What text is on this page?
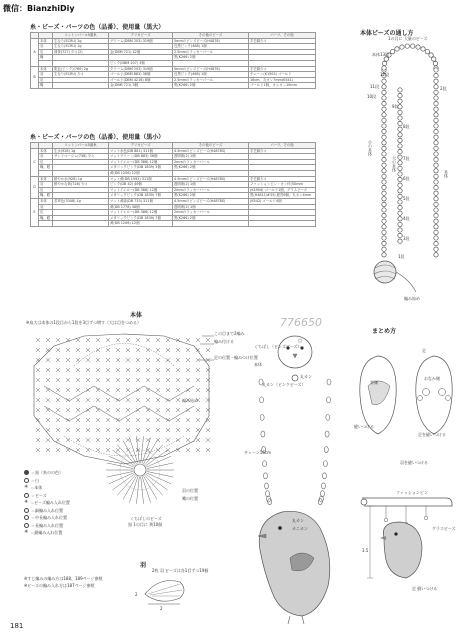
微信：BianzhiDiy
糸・ビーズ・パーツの色（品番）、使用量（黒大）
		コットンパール5番糸	デリカビーズ	その他のビーズ	パーツ、その他
A	本体	生なり(ECRU) 2g	グリーム(DBM 203) 319個	5mmのビンズビーズ(H4878)	手芸綿少々
	羽	生なり(ECRU) 1g		近黒ピンク(468) 1個	
	足	薄茶(727) 少々(2)	金(DBM 721) 42個	2.5mmのラッカーパール	
	嘴			黒(K266) 2個	
			ピンク(DBM 207) 3個		
B	本体	肌色(ピンク)(760) 2g	クリーム(DBM 203) 319個	5mmのビンズビーズ(H4878)	手芸綿少々
	羽	生なり(ECRU) 少々	ゴールド(DBM 883) 38個	近黒ピンク(468) 1個	チェーン(K1503) ゴールド
	足		ゴールド(DBM 4216) 8個	2.5mmのラッカーパール	16cm、丸カン7mm(K541)
	嘴		金(DBM 721) 3個	黒(K266) 2個	ゴールド1個、カニカン10mm
糸・ビーズ・パーツの色（品番）、使用量（黒小）
		コットンパール5番糸	デリカビーズ	その他のビーズ	パーツ、その他
C	本体	生水(928) 1g	マット水色(DB 881) 311個	4.5mmのビンズビーズ(H4878S)	手芸綿少々
	羽	サンドベージュ(738) 少々	マットグリーン(DB 883) 38個	透明黄(2) 1個	
	足		マットイエロー(DB 386) 12個	2mmのラッカーパール	
	嘴、眼		メタリックピンク(DB 1839) 3個	黒(K266) 2個	
			黄(DB 1206) 12個		
D	本体	鮮やか水(928) 1g	マット黄(DB 1592) 311個	4.5mmのビンズビーズ(H4878S)	手芸綿少々
	羽	鮮やかな黄(726) 少々	ピンク(DB 42) 46個	透明黄(2) 1個	ファッションピン・カン付(50mm
	足		マットイエロー(DB 386) 12個	2mmのラッカーパール	(K4904) ゴールド1個、グラスビーズ
	嘴、眼		メタリックピンク(DB 1839) 7個	黒(K266) 2個	黒(H4811/#33) 経営6個、丸カン4mm
E	本体	若草色(3348) 1g	マット黄緑(DB 733) 311個	4.5mmのビンズビーズ(H4878S)	(K542) ゴールド4個
	羽		黄(DB 1776) 38個	透明黄(2) 1個	
	足		マットイエロー(DB 386) 12個	2mmのラッカーパール	
	嘴、眼		メタリックピンク(DB 1839) 7個	黒(K266) 2個	
			黄(DB 1206) 12個		
本体ビーズの通し方
1の目に 大量のビーズ
本体13段
12段
11段
10段
9段
8段
7段
6段
5段
4段
3段
2段
1段
編み始め
小の本体
大の本体
本体
本体
※鳥大は本体の1段目から1段を3目ずつ増す（大は目をつめる）
この目まで2編み
編み付ける
足の位置・編みつけ位置
編み始め
羽の位置
嘴の位置
くちばしのビーズ
黒 1の目に 黄10個
＝黒（糸のの色）
＝白
✳ ＝本体
＝ビーズ
✳ ＝ビーズ編み入れ位置
＝細編み入れ位置
＝中長編み入れ位置
＝長編み入れ位置
✳ ＝鎖編み入れ位置
※すじ編みの編み方は188、189ページ参照
※ビーズの編み入れ方は187ページ参照
羽
2枚 羽 ビーズは各1目ずつ19個
2
2
まとめ方
776650
目
くちばし（ビンズビーズ）
本体
丸カン
チェーン16cm
丸カン
カニカン
背側
おなか側
縫いつける
足
足を縫いつける
ファッションピン
グラスビーズ
3.5
羽を縫いつける
足 縫いつける
丸カン（ピンクビーズ）
181
